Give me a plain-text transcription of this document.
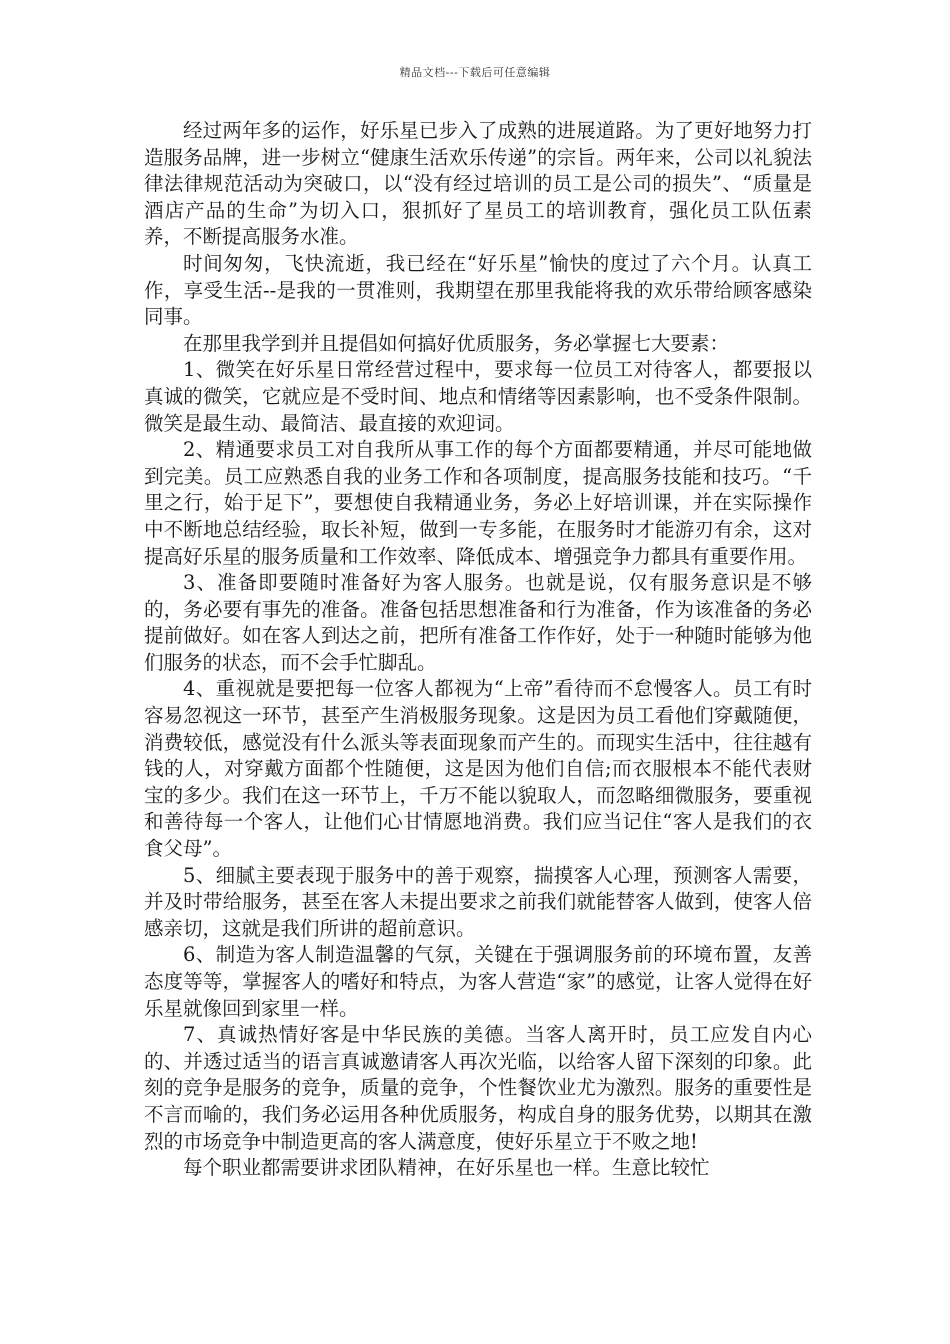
精品文档---下载后可任意编辑

经过两年多的运作，好乐星已步入了成熟的进展道路。为了更好地努力打造服务品牌，进一步树立“健康生活欢乐传递”的宗旨。两年来，公司以礼貌法律法律规范活动为突破口，以“没有经过培训的员工是公司的损失”、“质量是酒店产品的生命”为切入口，狠抓好了星员工的培训教育，强化员工队伍素养，不断提高服务水准。

时间匆匆，飞快流逝，我已经在“好乐星”愉快的度过了六个月。认真工作，享受生活--是我的一贯准则，我期望在那里我能将我的欢乐带给顾客感染同事。

在那里我学到并且提倡如何搞好优质服务，务必掌握七大要素：

1、微笑在好乐星日常经营过程中，要求每一位员工对待客人，都要报以真诚的微笑，它就应是不受时间、地点和情绪等因素影响，也不受条件限制。微笑是最生动、最简洁、最直接的欢迎词。

2、精通要求员工对自我所从事工作的每个方面都要精通，并尽可能地做到完美。员工应熟悉自我的业务工作和各项制度，提高服务技能和技巧。“千里之行，始于足下”，要想使自我精通业务，务必上好培训课，并在实际操作中不断地总结经验，取长补短，做到一专多能，在服务时才能游刃有余，这对提高好乐星的服务质量和工作效率、降低成本、增强竞争力都具有重要作用。

3、准备即要随时准备好为客人服务。也就是说，仅有服务意识是不够的，务必要有事先的准备。准备包括思想准备和行为准备，作为该准备的务必提前做好。如在客人到达之前，把所有准备工作作好，处于一种随时能够为他们服务的状态，而不会手忙脚乱。

4、重视就是要把每一位客人都视为“上帝”看待而不怠慢客人。员工有时容易忽视这一环节，甚至产生消极服务现象。这是因为员工看他们穿戴随便，消费较低，感觉没有什么派头等表面现象而产生的。而现实生活中，往往越有钱的人，对穿戴方面都个性随便，这是因为他们自信;而衣服根本不能代表财宝的多少。我们在这一环节上，千万不能以貌取人，而忽略细微服务，要重视和善待每一个客人，让他们心甘情愿地消费。我们应当记住“客人是我们的衣食父母”。

5、细腻主要表现于服务中的善于观察，揣摸客人心理，预测客人需要，并及时带给服务，甚至在客人未提出要求之前我们就能替客人做到，使客人倍感亲切，这就是我们所讲的超前意识。

6、制造为客人制造温馨的气氛，关键在于强调服务前的环境布置，友善态度等等，掌握客人的嗜好和特点，为客人营造“家”的感觉，让客人觉得在好乐星就像回到家里一样。

7、真诚热情好客是中华民族的美德。当客人离开时，员工应发自内心的、并透过适当的语言真诚邀请客人再次光临，以给客人留下深刻的印象。此刻的竞争是服务的竞争，质量的竞争，个性餐饮业尤为激烈。服务的重要性是不言而喻的，我们务必运用各种优质服务，构成自身的服务优势，以期其在激烈的市场竞争中制造更高的客人满意度，使好乐星立于不败之地!

每个职业都需要讲求团队精神，在好乐星也一样。生意比较忙
